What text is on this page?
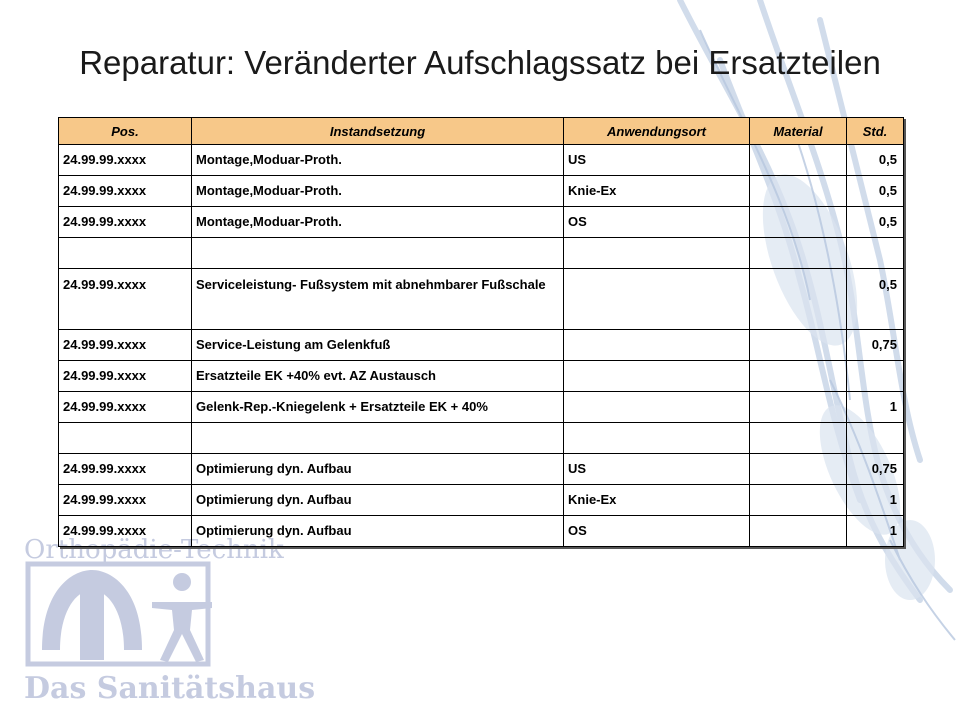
Orthopädie-Technik
Das Sanitätshaus
Reparatur: Veränderter Aufschlagssatz bei Ersatzteilen
Pos.	Instandsetzung	Anwendungsort	Material	Std.
24.99.99.xxxx	Montage,Moduar-Proth.	US		0,5
24.99.99.xxxx	Montage,Moduar-Proth.	Knie-Ex		0,5
24.99.99.xxxx	Montage,Moduar-Proth.	OS		0,5

24.99.99.xxxx	Serviceleistung- Fußsystem mit abnehmbarer Fußschale			0,5
24.99.99.xxxx	Service-Leistung am Gelenkfuß			0,75
24.99.99.xxxx	Ersatzteile EK +40% evt. AZ Austausch			
24.99.99.xxxx	Gelenk-Rep.-Kniegelenk + Ersatzteile EK + 40%			1

24.99.99.xxxx	Optimierung dyn. Aufbau	US		0,75
24.99.99.xxxx	Optimierung dyn. Aufbau	Knie-Ex		1
24.99.99.xxxx	Optimierung dyn. Aufbau	OS		1
